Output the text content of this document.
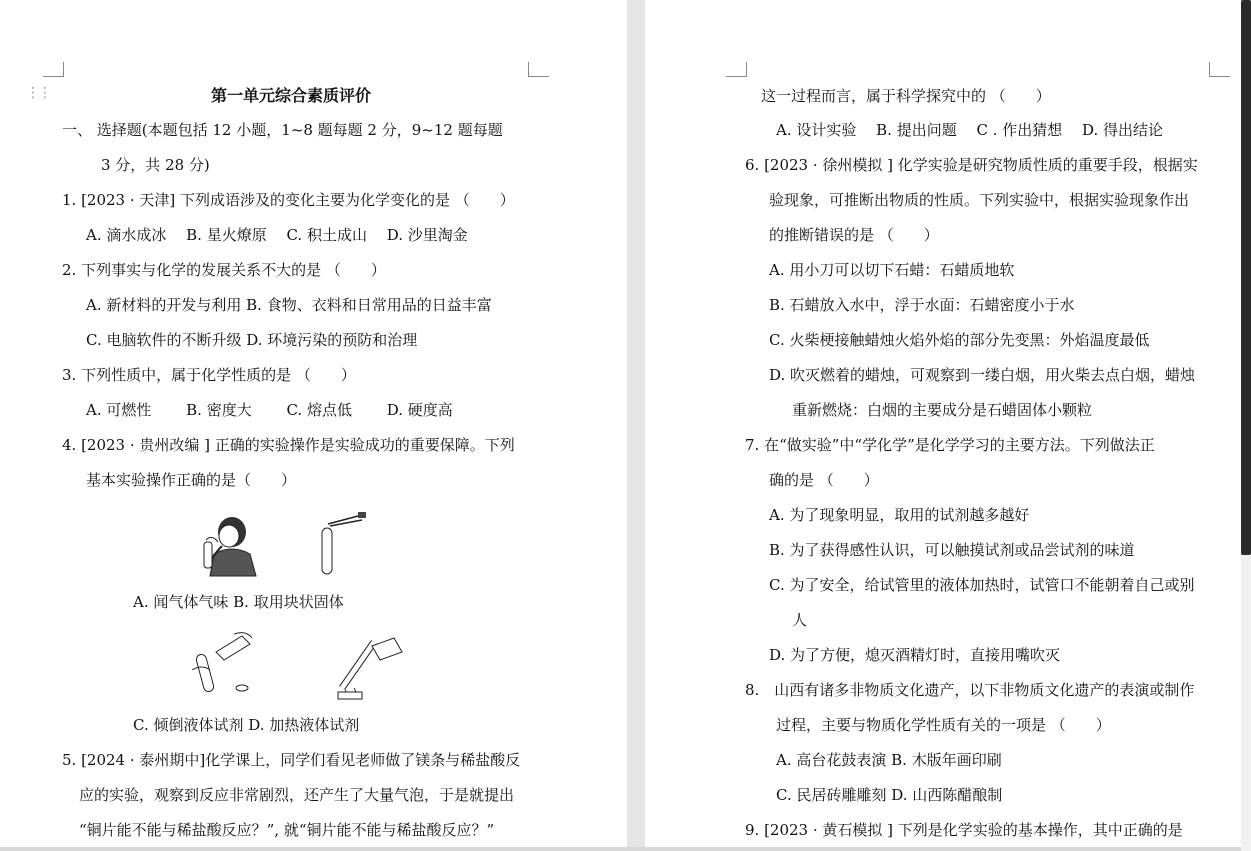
⋮⋮	第一单元综合素质评价
一、 选择题(本题包括 12 小题，1~8 题每题 2 分，9~12 题每题
3 分，共 28 分)
1. [2023 · 天津] 下列成语涉及的变化主要为化学变化的是 （　　）
A. 滴水成冰　 B. 星火燎原　 C. 积土成山　 D. 沙里淘金
2. 下列事实与化学的发展关系不大的是 （　　）
A. 新材料的开发与利用 B. 食物、衣料和日常用品的日益丰富
C. 电脑软件的不断升级 D. 环境污染的预防和治理
3. 下列性质中，属于化学性质的是 （　　）
A. 可燃性　　 B. 密度大　　 C. 熔点低　　 D. 硬度高
4. [2023 · 贵州改编 ] 正确的实验操作是实验成功的重要保障。下列
基本实验操作正确的是（　　）
A. 闻气体气味 B. 取用块状固体
C. 倾倒液体试剂 D. 加热液体试剂
5. [2024 · 泰州期中]化学课上，同学们看见老师做了镁条与稀盐酸反
应的实验，观察到反应非常剧烈，还产生了大量气泡，于是就提出
“铜片能不能与稀盐酸反应？”, 就“铜片能不能与稀盐酸反应？”
这一过程而言，属于科学探究中的 （　　）
A. 设计实验　 B. 提出问题　 C . 作出猜想　 D. 得出结论
6. [2023 · 徐州模拟 ] 化学实验是研究物质性质的重要手段，根据实
验现象，可推断出物质的性质。下列实验中，根据实验现象作出
的推断错误的是 （　　）
A. 用小刀可以切下石蜡：石蜡质地软
B. 石蜡放入水中，浮于水面：石蜡密度小于水
C. 火柴梗接触蜡烛火焰外焰的部分先变黑：外焰温度最低
D. 吹灭燃着的蜡烛，可观察到一缕白烟，用火柴去点白烟，蜡烛
重新燃烧：白烟的主要成分是石蜡固体小颗粒
7. 在“做实验”中“学化学”是化学学习的主要方法。下列做法正
确的是 （　　）
A. 为了现象明显，取用的试剂越多越好
B. 为了获得感性认识，可以触摸试剂或品尝试剂的味道
C. 为了安全，给试管里的液体加热时，试管口不能朝着自己或别
人
D. 为了方便，熄灭酒精灯时，直接用嘴吹灭
8.　山西有诸多非物质文化遗产，以下非物质文化遗产的表演或制作
过程，主要与物质化学性质有关的一项是 （　　）
A. 高台花鼓表演 B. 木版年画印刷
C. 民居砖雕雕刻 D. 山西陈醋酿制
9. [2023 · 黄石模拟 ] 下列是化学实验的基本操作，其中正确的是
